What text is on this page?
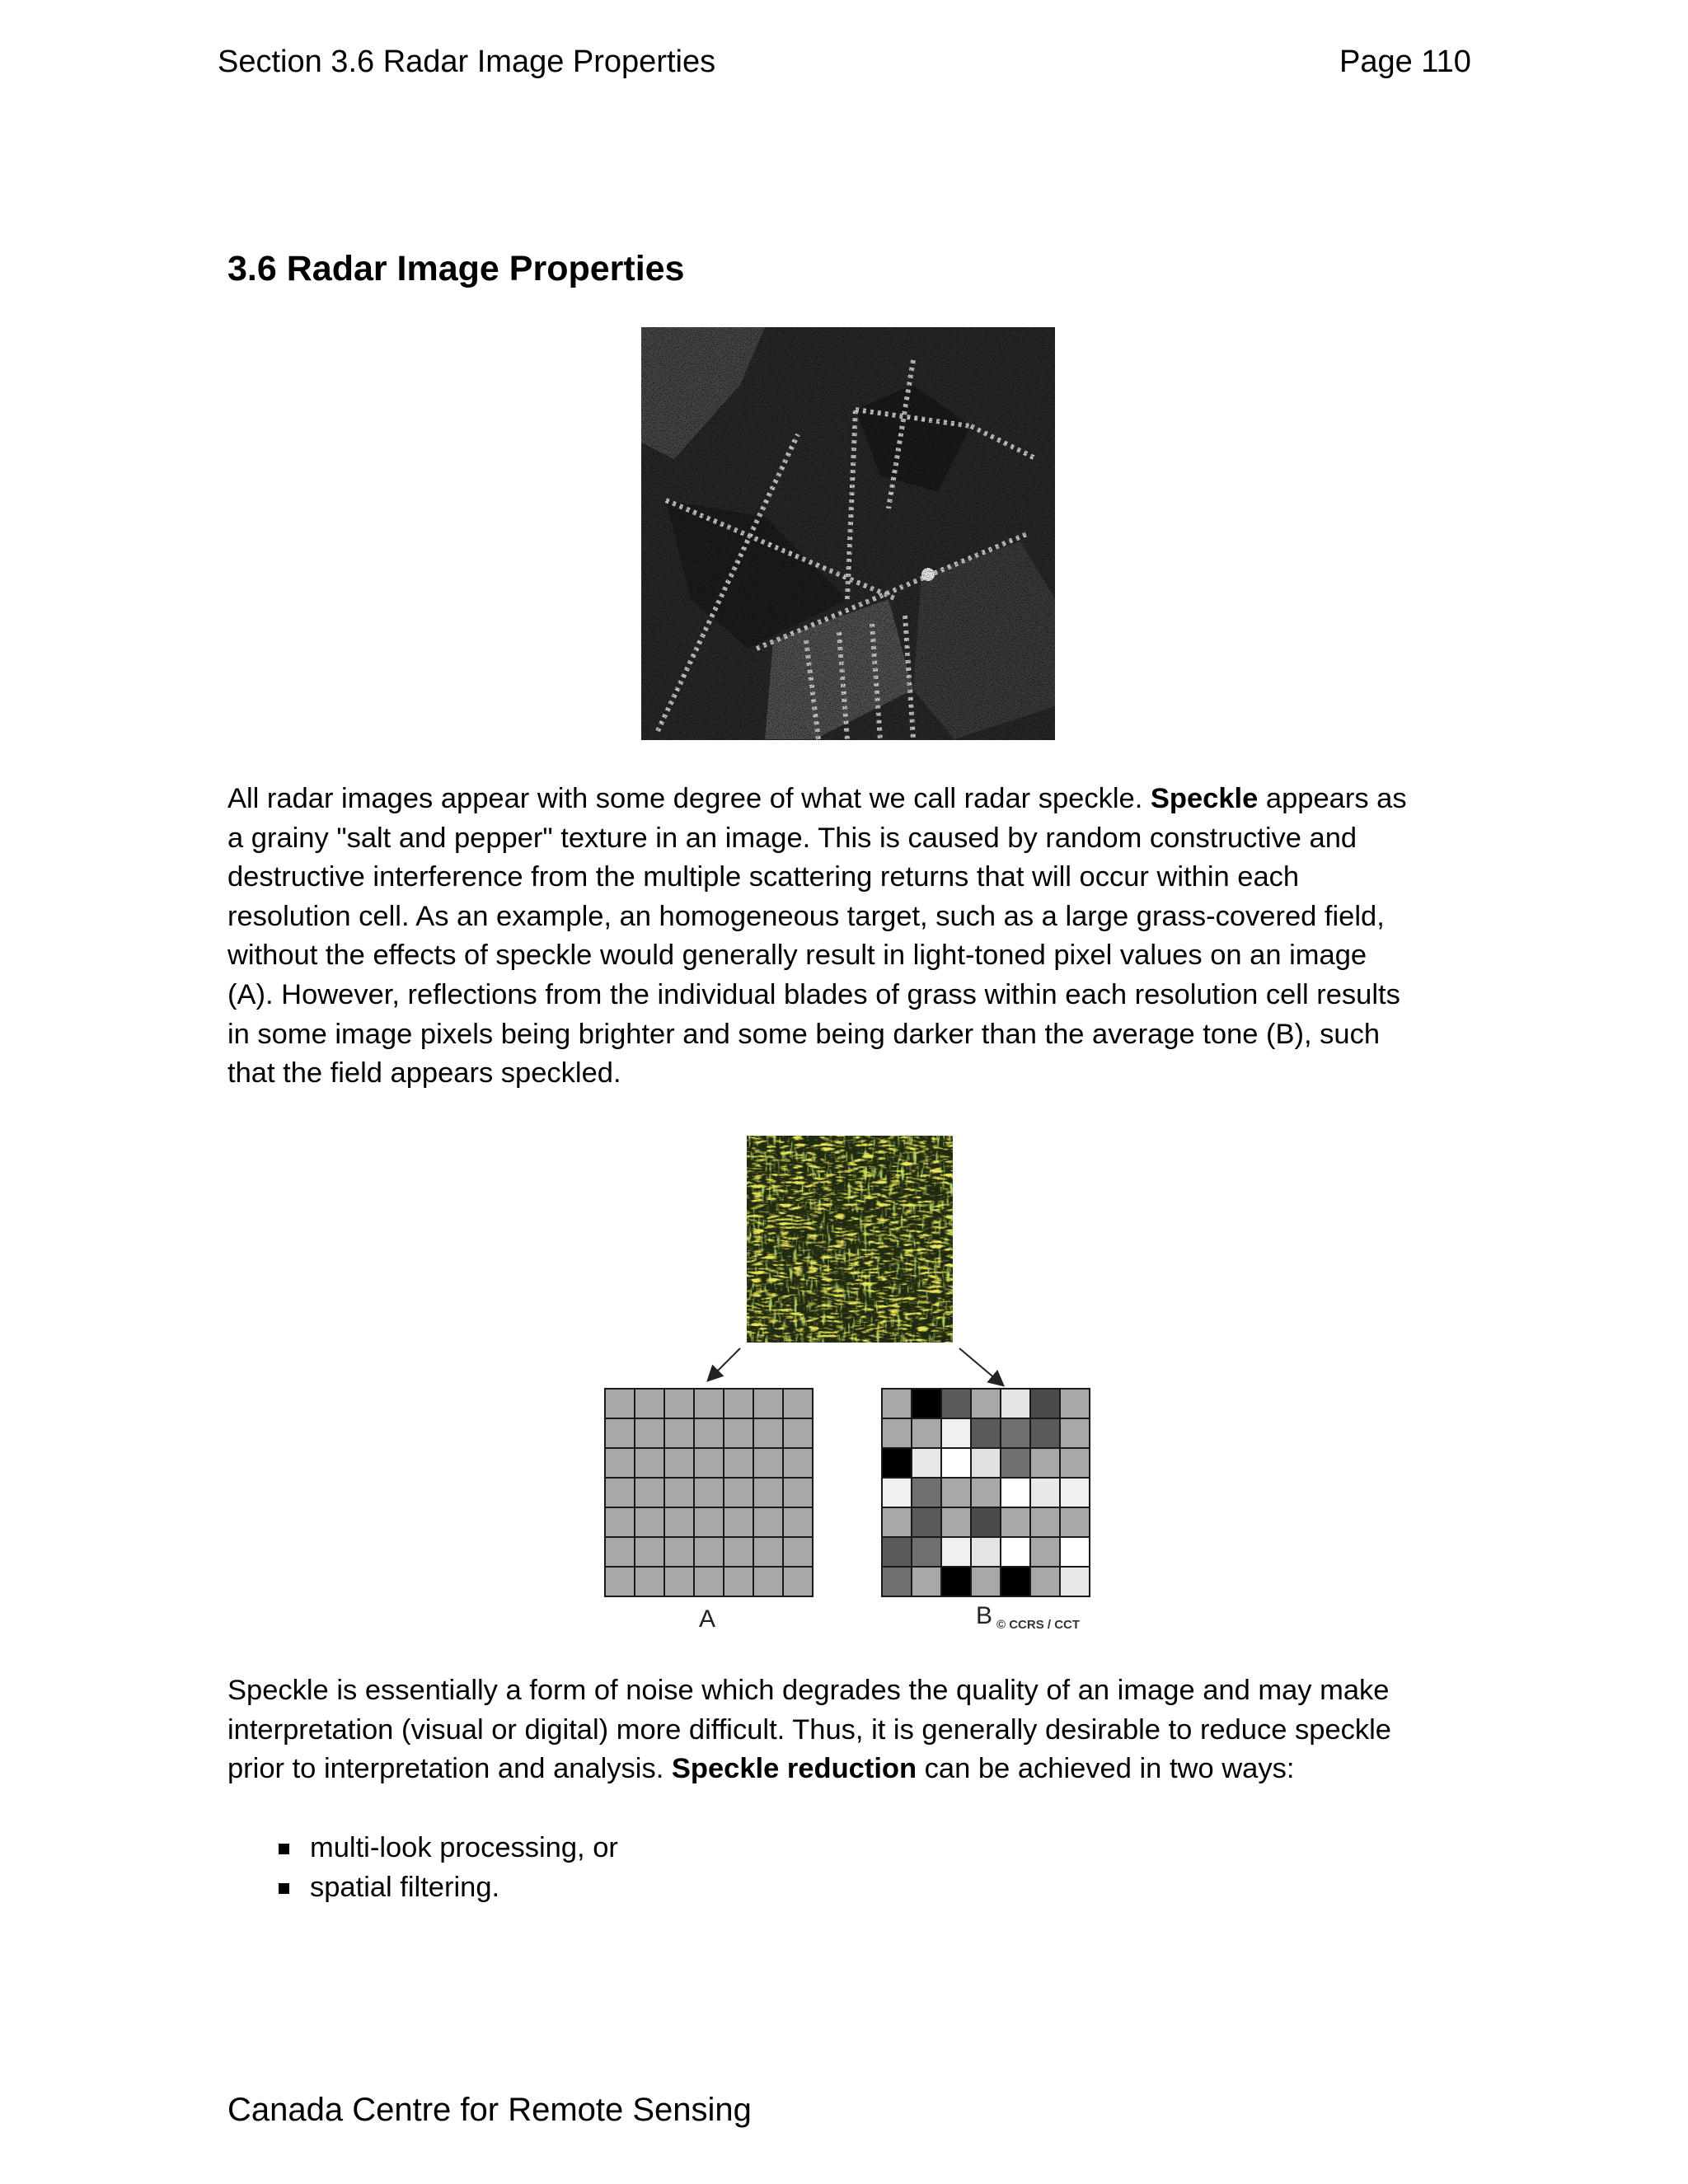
Section 3.6 Radar Image Properties	Page 110
3.6 Radar Image Properties

All radar images appear with some degree of what we call radar speckle. Speckle appears as
a grainy "salt and pepper" texture in an image. This is caused by random constructive and
destructive interference from the multiple scattering returns that will occur within each
resolution cell. As an example, an homogeneous target, such as a large grass-covered field,
without the effects of speckle would generally result in light-toned pixel values on an image
(A). However, reflections from the individual blades of grass within each resolution cell results
in some image pixels being brighter and some being darker than the average tone (B), such
that the field appears speckled.

A	B © CCRS / CCT

Speckle is essentially a form of noise which degrades the quality of an image and may make
interpretation (visual or digital) more difficult. Thus, it is generally desirable to reduce speckle
prior to interpretation and analysis. Speckle reduction can be achieved in two ways:

multi-look processing, or
spatial filtering.
Canada Centre for Remote Sensing
